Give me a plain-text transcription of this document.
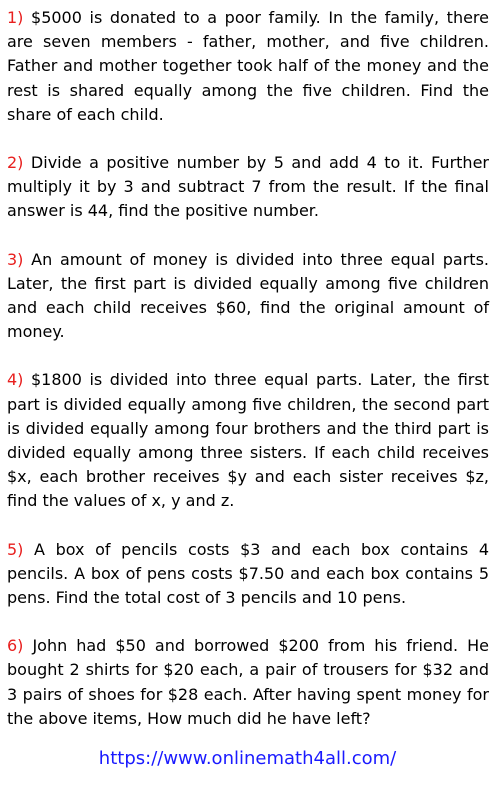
1) $5000 is donated to a poor family. In the family, there are seven members - father, mother, and five children. Father and mother together took half of the money and the rest is shared equally among the five children. Find the share of each child.

2) Divide a positive number by 5 and add 4 to it. Further multiply it by 3 and subtract 7 from the result. If the final answer is 44, find the positive number.

3) An amount of money is divided into three equal parts. Later, the first part is divided equally among five children and each child receives $60, find the original amount of money.

4) $1800 is divided into three equal parts. Later, the first part is divided equally among five children, the second part is divided equally among four brothers and the third part is divided equally among three sisters. If each child receives $x, each brother receives $y and each sister receives $z, find the values of x, y and z.

5) A box of pencils costs $3 and each box contains 4 pencils. A box of pens costs $7.50 and each box contains 5 pens. Find the total cost of 3 pencils and 10 pens.

6) John had $50 and borrowed $200 from his friend. He bought 2 shirts for $20 each, a pair of trousers for $32 and 3 pairs of shoes for $28 each. After having spent money for the above items, How much did he have left?

https://www.onlinemath4all.com/
